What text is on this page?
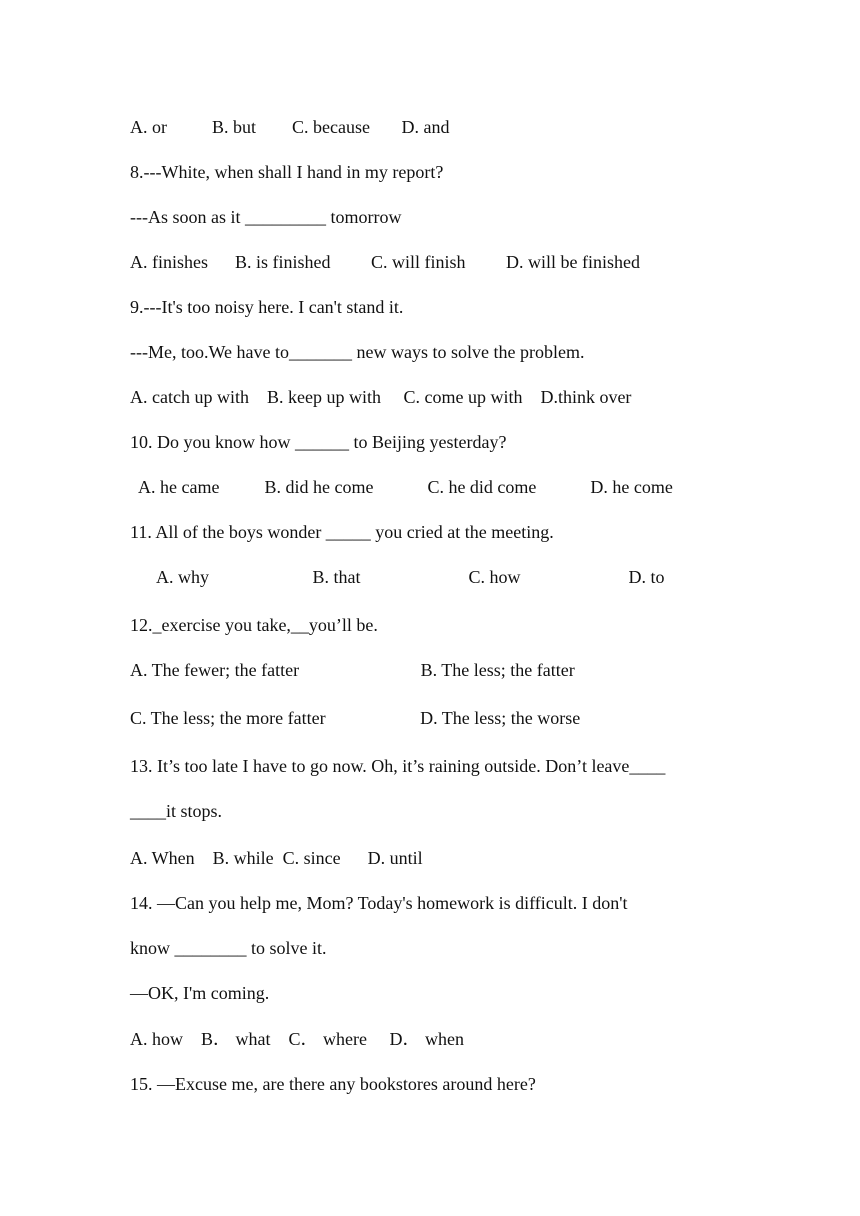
A. or          B. but        C. because       D. and
8.---White, when shall I hand in my report?
---As soon as it _________ tomorrow
A. finishes      B. is finished         C. will finish         D. will be finished
9.---It's too noisy here. I can't stand it.
---Me, too.We have to_______ new ways to solve the problem.
A. catch up with    B. keep up with     C. come up with    D.think over
10. Do you know how ______ to Beijing yesterday?
A. he came          B. did he come            C. he did come            D. he come
11. All of the boys wonder _____ you cried at the meeting.
A. why                       B. that                        C. how                        D. to
12._exercise you take,__you’ll be.
A. The fewer; the fatter                           B. The less; the fatter
C. The less; the more fatter                     D. The less; the worse
13. It’s too late I have to go now. Oh, it’s raining outside. Don’t leave____
____it stops.
A. When    B. while  C. since      D. until
14. —Can you help me, Mom? Today's homework is difficult. I don't
know ________ to solve it.
—OK, I'm coming.
A. how    B． what    C． where     D． when
15. —Excuse me, are there any bookstores around here?
